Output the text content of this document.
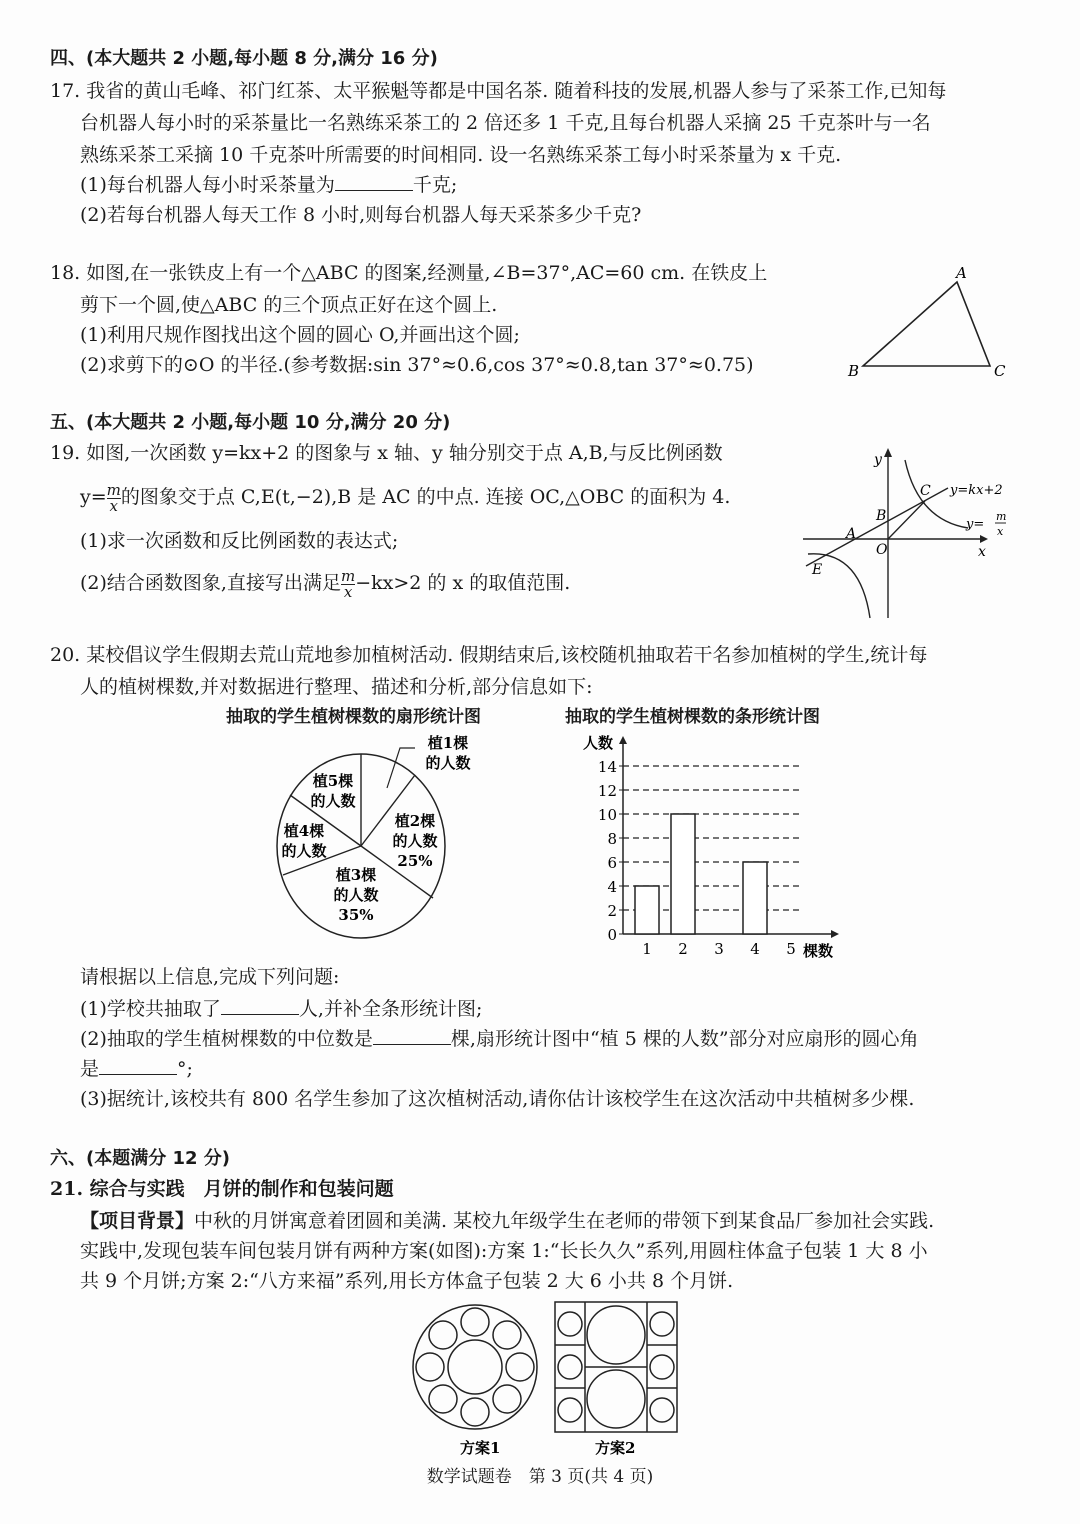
四、(本大题共 2 小题,每小题 8 分,满分 16 分)
17. 我省的黄山毛峰、祁门红茶、太平猴魁等都是中国名茶. 随着科技的发展,机器人参与了采茶工作,已知每
台机器人每小时的采茶量比一名熟练采茶工的 2 倍还多 1 千克,且每台机器人采摘 25 千克茶叶与一名
熟练采茶工采摘 10 千克茶叶所需要的时间相同. 设一名熟练采茶工每小时采茶量为 x 千克.
(1)每台机器人每小时采茶量为	千克;
(2)若每台机器人每天工作 8 小时,则每台机器人每天采茶多少千克?
18. 如图,在一张铁皮上有一个△ABC 的图案,经测量,∠B=37°,AC=60 cm. 在铁皮上
剪下一个圆,使△ABC 的三个顶点正好在这个圆上.
(1)利用尺规作图找出这个圆的圆心 O,并画出这个圆;
(2)求剪下的⊙O 的半径.(参考数据:sin 37°≈0.6,cos 37°≈0.8,tan 37°≈0.75)
A
B	C
五、(本大题共 2 小题,每小题 10 分,满分 20 分)
19. 如图,一次函数 y=kx+2 的图象与 x 轴、y 轴分别交于点 A,B,与反比例函数
$y= \frac{m}{x}$ 的图象交于点 C,E(t,−2),B 是 AC 的中点. 连接 OC,△OBC 的面积为 4.
(1)求一次函数和反比例函数的表达式;
(2)结合函数图象,直接写出满足 $\frac{m}{x} -kx>2$ 的 x 的取值范围.
y
x
O
A
B
C
E
y=kx+2
y=
m
x
20. 某校倡议学生假期去荒山荒地参加植树活动. 假期结束后,该校随机抽取若干名参加植树的学生,统计每
人的植树棵数,并对数据进行整理、描述和分析,部分信息如下:
抽取的学生植树棵数的扇形统计图	抽取的学生植树棵数的条形统计图
植1棵
的人数
植2棵
的人数
25%
植3棵
的人数
35%
植4棵
的人数
植5棵
的人数
0
2
4
6
8
10
12
14
人数
棵数
1 2 3 4 5
请根据以上信息,完成下列问题:
(1)学校共抽取了	人,并补全条形统计图;
(2)抽取的学生植树棵数的中位数是	棵,扇形统计图中“植 5 棵的人数”部分对应扇形的圆心角
是	°;
(3)据统计,该校共有 800 名学生参加了这次植树活动,请你估计该校学生在这次活动中共植树多少棵.
六、(本题满分 12 分)
21. 综合与实践　月饼的制作和包装问题
【项目背景】中秋的月饼寓意着团圆和美满. 某校九年级学生在老师的带领下到某食品厂参加社会实践.
实践中,发现包装车间包装月饼有两种方案(如图):方案 1:“长长久久”系列,用圆柱体盒子包装 1 大 8 小
共 9 个月饼;方案 2:“八方来福”系列,用长方体盒子包装 2 大 6 小共 8 个月饼.
方案1	方案2
数学试题卷　第 3 页(共 4 页)
